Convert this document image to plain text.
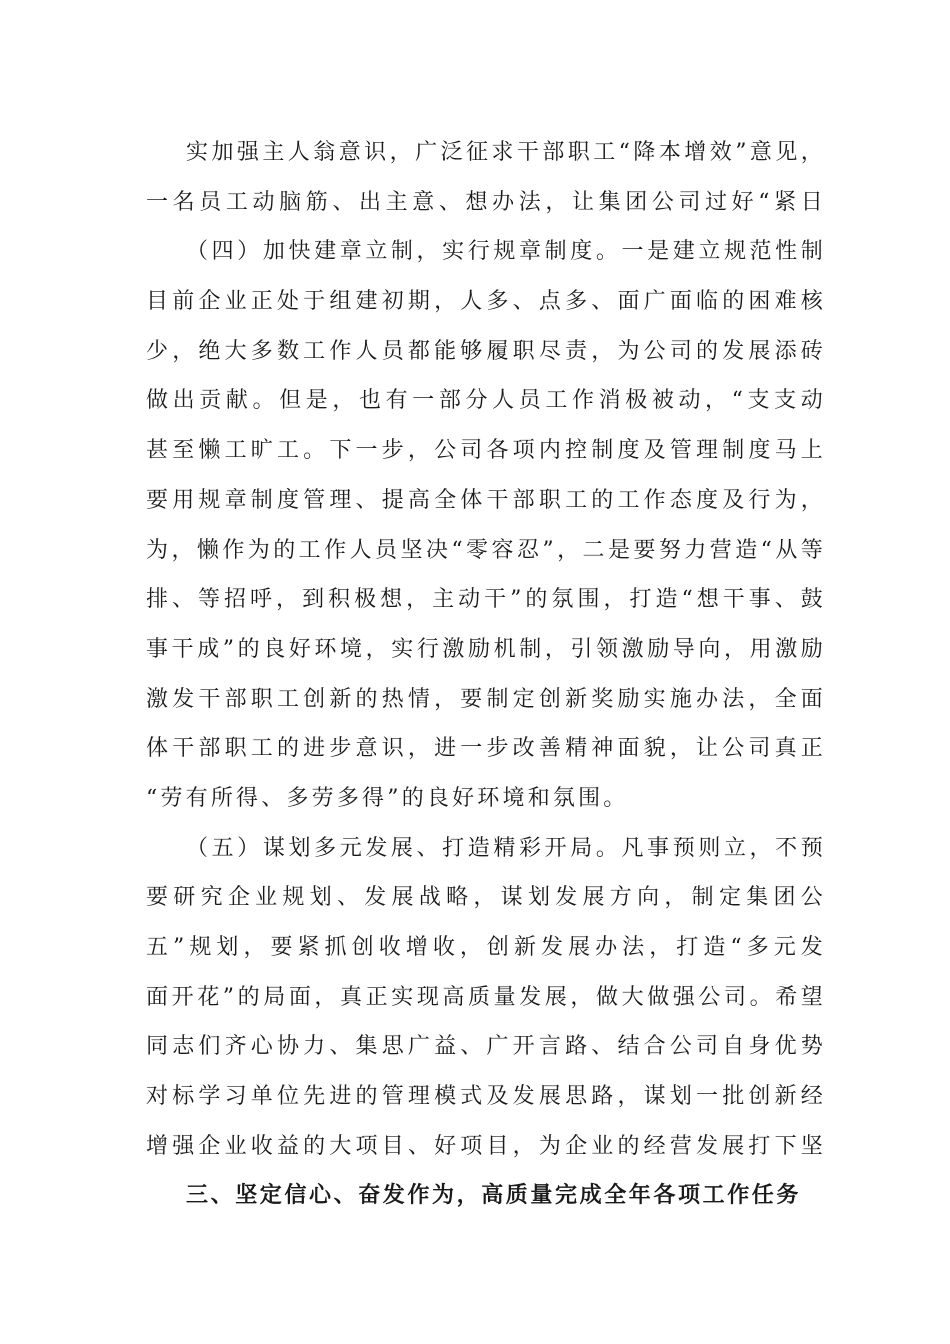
实加强主人翁意识，广泛征求干部职工“降本增效”意见，
一名员工动脑筋、出主意、想办法，让集团公司过好“紧日
（四）加快建章立制，实行规章制度。一是建立规范性制
目前企业正处于组建初期，人多、点多、面广面临的困难核
少，绝大多数工作人员都能够履职尽责，为公司的发展添砖
做出贡献。但是，也有一部分人员工作消极被动，“支支动
甚至懒工旷工。下一步，公司各项内控制度及管理制度马上
要用规章制度管理、提高全体干部职工的工作态度及行为，
为，懒作为的工作人员坚决“零容忍”，二是要努力营造“从等
排、等招呼，到积极想，主动干”的氛围，打造“想干事、鼓
事干成”的良好环境，实行激励机制，引领激励导向，用激励
激发干部职工创新的热情，要制定创新奖励实施办法，全面
体干部职工的进步意识，进一步改善精神面貌，让公司真正
“劳有所得、多劳多得”的良好环境和氛围。
（五）谋划多元发展、打造精彩开局。凡事预则立，不预
要研究企业规划、发展战略，谋划发展方向，制定集团公
五”规划，要紧抓创收增收，创新发展办法，打造“多元发
面开花”的局面，真正实现高质量发展，做大做强公司。希望
同志们齐心协力、集思广益、广开言路、结合公司自身优势
对标学习单位先进的管理模式及发展思路，谋划一批创新经
增强企业收益的大项目、好项目，为企业的经营发展打下坚
三、坚定信心、奋发作为，高质量完成全年各项工作任务
